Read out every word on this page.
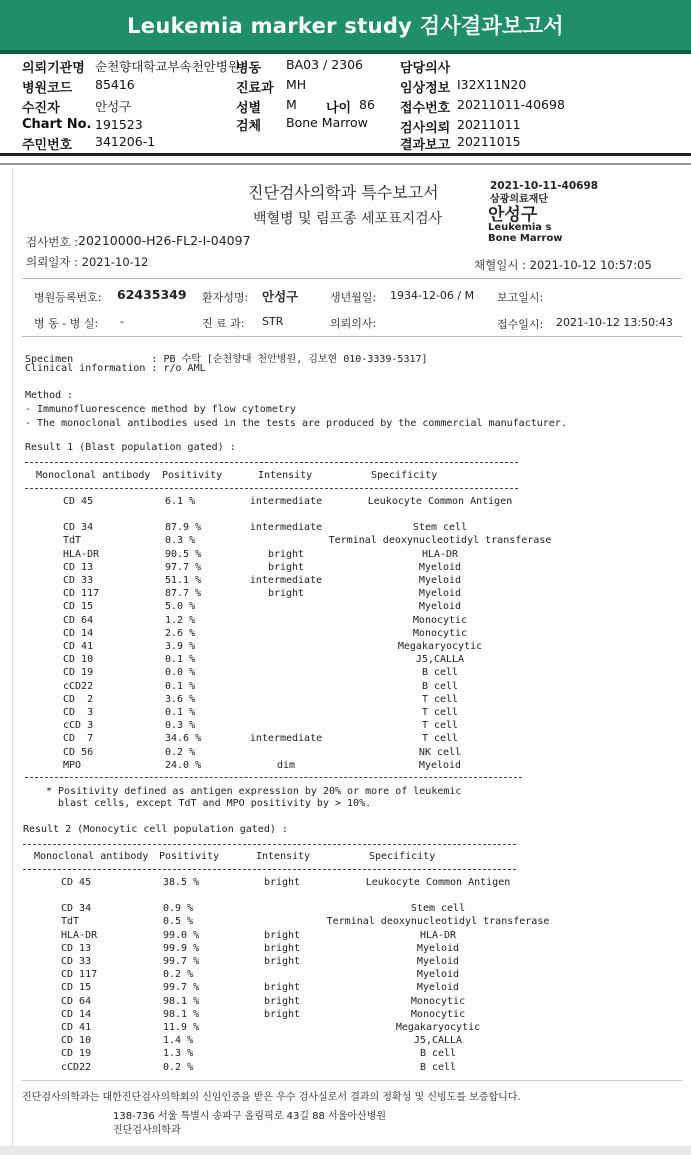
Leukemia marker study 검사결과보고서
의뢰기관명 순천향대학교부속천안병원
병동 BA03 / 2306	담당의사
병원코드 85416	진료과 MH	임상정보 I32X11N20
수진자	안성구	성별 M 나이 86 접수번호 20211011-40698
Chart No. 191523	검체 Bone Marrow 검사의뢰 20211011
주민번호 341206-1	결과보고 20211015
진단검사의학과 특수보고서
백혈병 및 림프종 세포표지검사
2021-10-11-40698
삼광의료재단
안성구
Leukemia s
Bone Marrow
검사번호 : 20210000-H26-FL2-I-04097
의뢰일자 : 2021-10-12	채혈일시 : 2021-10-12 10:57:05
병원등록번호: 62435349 환자성명: 안성구	생년월일: 1934-12-06 / M 보고일시:
병 동 - 병 실: -	진 료 과: STR	의뢰의사:	접수일시: 2021-10-12 13:50:43
Specimen             : PB 수탁 [순천향대 천안병원, 김보현 010-3339-5317]
Clinical information : r/o AML
Method :
- Immunofluorescence method by flow cytometry
- The monoclonal antibodies used in the tests are produced by the commercial manufacturer.
Result 1 (Blast population gated) :
Monoclonal antibody Positivity	Intensity	Specificity
CD 45	6.1 %	intermediate	Leukocyte Common Antigen
CD 34	87.9 %	intermediate	Stem cell
TdT	0.3 %	Terminal deoxynucleotidyl transferase
HLA-DR	90.5 %	bright	HLA-DR
CD 13	97.7 %	bright	Myeloid
CD 33	51.1 %	intermediate	Myeloid
CD 117	87.7 %	bright	Myeloid
CD 15	5.0 %	Myeloid
CD 64	1.2 %	Monocytic
CD 14	2.6 %	Monocytic
CD 41	3.9 %	Megakaryocytic
CD 10	0.1 %	J5,CALLA
CD 19	0.0 %	B cell
cCD22	0.1 %	B cell
CD  2	3.6 %	T cell
CD  3	0.1 %	T cell
cCD 3	0.3 %	T cell
CD  7	34.6 %	intermediate	T cell
CD 56	0.2 %	NK cell
MPO	24.0 %	dim	Myeloid
* Positivity defined as antigen expression by 20% or more of leukemic
blast cells, except TdT and MPO positivity by > 10%.
Result 2 (Monocytic cell population gated) :
Monoclonal antibody Positivity	Intensity	Specificity
CD 45	38.5 %	bright	Leukocyte Common Antigen
CD 34	0.9 %	Stem cell
TdT	0.5 %	Terminal deoxynucleotidyl transferase
HLA-DR	99.0 %	bright	HLA-DR
CD 13	99.9 %	bright	Myeloid
CD 33	99.7 %	bright	Myeloid
CD 117	0.2 %	Myeloid
CD 15	99.7 %	bright	Myeloid
CD 64	98.1 %	bright	Monocytic
CD 14	98.1 %	bright	Monocytic
CD 41	11.9 %	Megakaryocytic
CD 10	1.4 %	J5,CALLA
CD 19	1.3 %	B cell
cCD22	0.2 %	B cell
진단검사의학과는 대한진단검사의학회의 신임인증을 받은 우수 검사실로서 결과의 정확성 및 신빙도를 보증합니다.
138-736 서울 특별시 송파구 올림픽로 43길 88 서울아산병원
진단검사의학과
